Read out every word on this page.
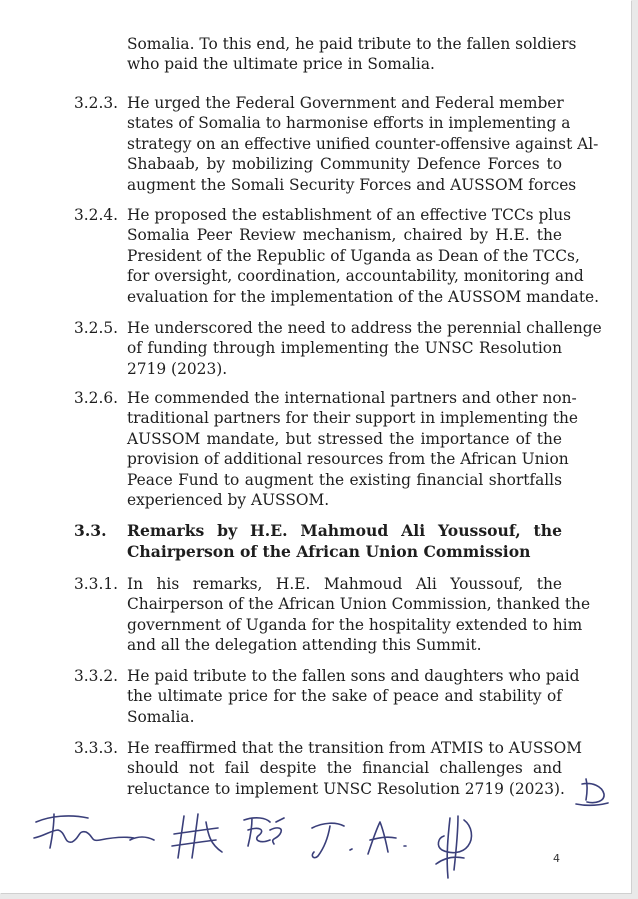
Somalia. To this end, he paid tribute to the fallen soldiers
who paid the ultimate price in Somalia.
3.2.3. He urged the Federal Government and Federal member
states of Somalia to harmonise efforts in implementing a
strategy on an effective unified counter-offensive against Al-
Shabaab, by mobilizing Community Defence Forces to
augment the Somali Security Forces and AUSSOM forces
3.2.4. He proposed the establishment of an effective TCCs plus
Somalia Peer Review mechanism, chaired by H.E. the
President of the Republic of Uganda as Dean of the TCCs,
for oversight, coordination, accountability, monitoring and
evaluation for the implementation of the AUSSOM mandate.
3.2.5. He underscored the need to address the perennial challenge
of funding through implementing the UNSC Resolution
2719 (2023).
3.2.6. He commended the international partners and other non-
traditional partners for their support in implementing the
AUSSOM mandate, but stressed the importance of the
provision of additional resources from the African Union
Peace Fund to augment the existing financial shortfalls
experienced by AUSSOM.
3.3. Remarks by H.E. Mahmoud Ali Youssouf, the
Chairperson of the African Union Commission
3.3.1. In his remarks, H.E. Mahmoud Ali Youssouf, the
Chairperson of the African Union Commission, thanked the
government of Uganda for the hospitality extended to him
and all the delegation attending this Summit.
3.3.2. He paid tribute to the fallen sons and daughters who paid
the ultimate price for the sake of peace and stability of
Somalia.
3.3.3. He reaffirmed that the transition from ATMIS to AUSSOM
should not fail despite the financial challenges and
reluctance to implement UNSC Resolution 2719 (2023).
4
